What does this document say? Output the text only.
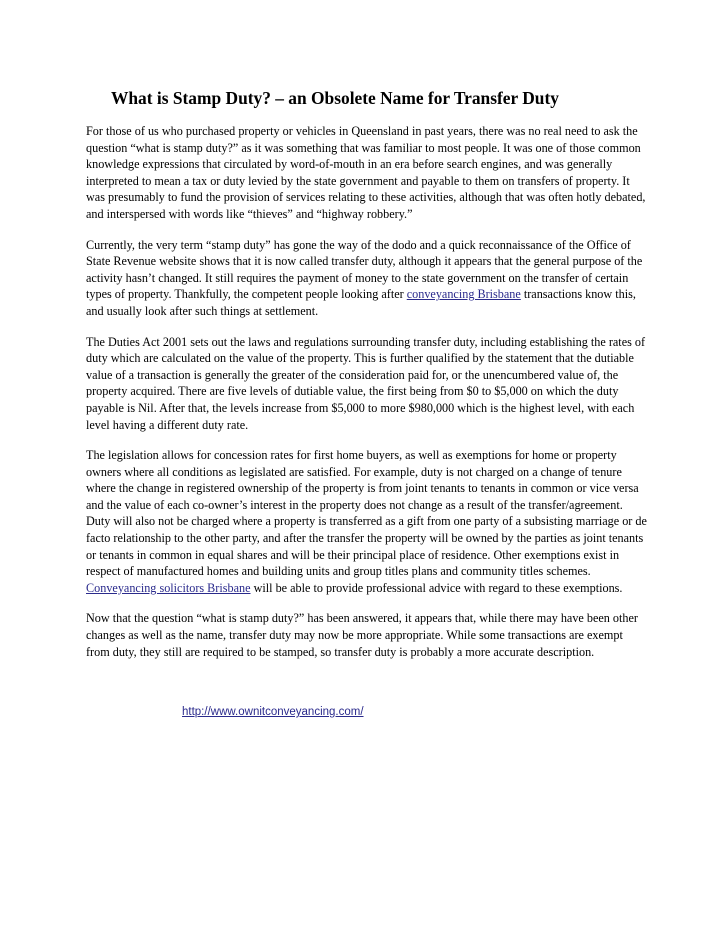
What is Stamp Duty? – an Obsolete Name for Transfer Duty

For those of us who purchased property or vehicles in Queensland in past years, there was no real need to ask the question “what is stamp duty?” as it was something that was familiar to most people. It was one of those common knowledge expressions that circulated by word-of-mouth in an era before search engines, and was generally interpreted to mean a tax or duty levied by the state government and payable to them on transfers of property. It was presumably to fund the provision of services relating to these activities, although that was often hotly debated, and interspersed with words like “thieves” and “highway robbery.”

Currently, the very term “stamp duty” has gone the way of the dodo and a quick reconnaissance of the Office of State Revenue website shows that it is now called transfer duty, although it appears that the general purpose of the activity hasn’t changed. It still requires the payment of money to the state government on the transfer of certain types of property. Thankfully, the competent people looking after conveyancing Brisbane transactions know this, and usually look after such things at settlement.

The Duties Act 2001 sets out the laws and regulations surrounding transfer duty, including establishing the rates of duty which are calculated on the value of the property. This is further qualified by the statement that the dutiable value of a transaction is generally the greater of the consideration paid for, or the unencumbered value of, the property acquired. There are five levels of dutiable value, the first being from $0 to $5,000 on which the duty payable is Nil. After that, the levels increase from $5,000 to more $980,000 which is the highest level, with each level having a different duty rate.

The legislation allows for concession rates for first home buyers, as well as exemptions for home or property owners where all conditions as legislated are satisfied. For example, duty is not charged on a change of tenure where the change in registered ownership of the property is from joint tenants to tenants in common or vice versa and the value of each co-owner’s interest in the property does not change as a result of the transfer/agreement. Duty will also not be charged where a property is transferred as a gift from one party of a subsisting marriage or de facto relationship to the other party, and after the transfer the property will be owned by the parties as joint tenants or tenants in common in equal shares and will be their principal place of residence. Other exemptions exist in respect of manufactured homes and building units and group titles plans and community titles schemes. Conveyancing solicitors Brisbane will be able to provide professional advice with regard to these exemptions.

Now that the question “what is stamp duty?” has been answered, it appears that, while there may have been other changes as well as the name, transfer duty may now be more appropriate. While some transactions are exempt from duty, they still are required to be stamped, so transfer duty is probably a more accurate description.

http://www.ownitconveyancing.com/
